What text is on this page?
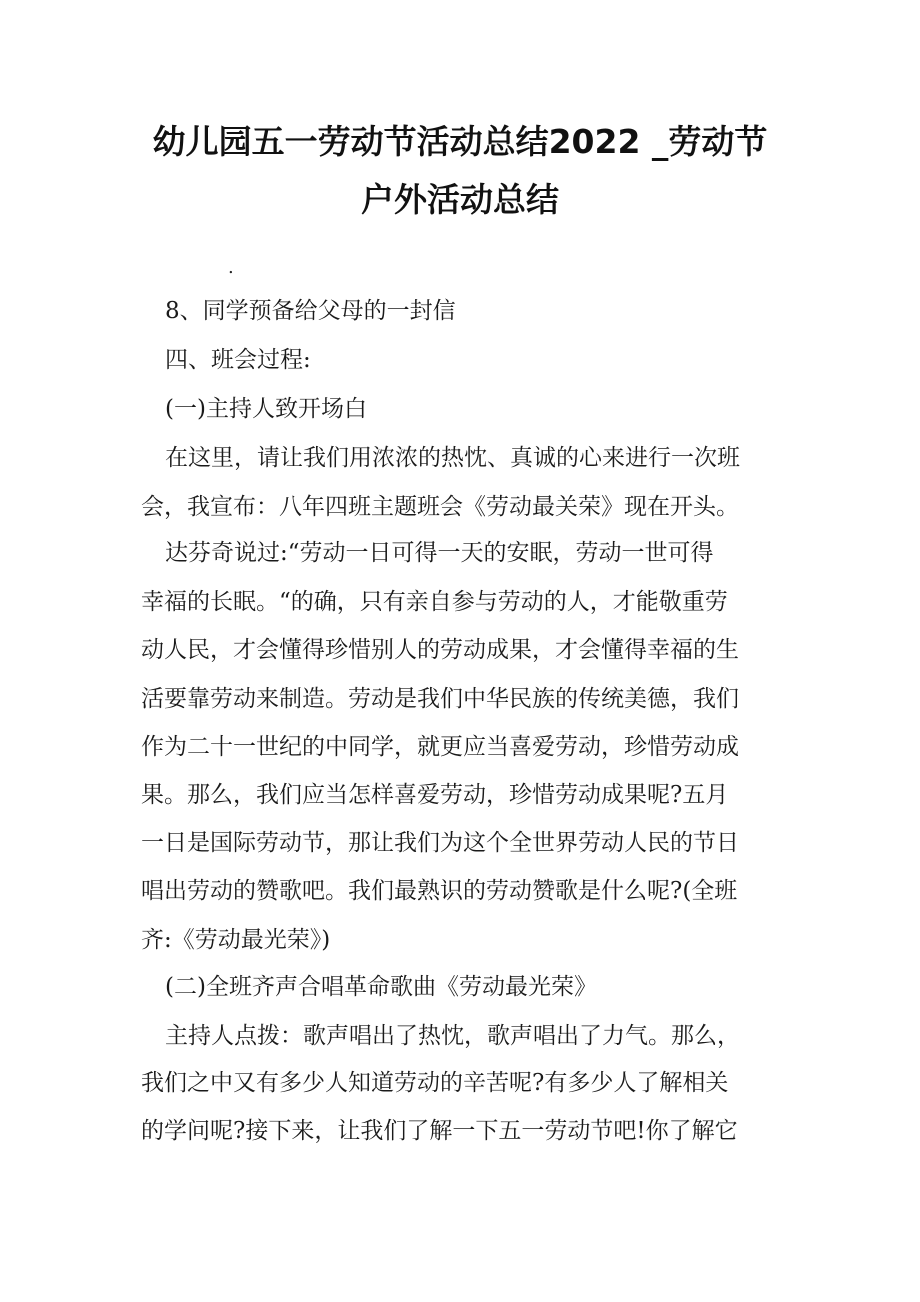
幼儿园五一劳动节活动总结2022 _劳动节
户外活动总结
.
8、同学预备给父母的一封信
四、班会过程:
(一)主持人致开场白
在这里，请让我们用浓浓的热忱、真诚的心来进行一次班
会，我宣布：八年四班主题班会《劳动最关荣》现在开头。
达芬奇说过:“劳动一日可得一天的安眠，劳动一世可得
幸福的长眠。“的确，只有亲自参与劳动的人，才能敬重劳
动人民，才会懂得珍惜别人的劳动成果，才会懂得幸福的生
活要靠劳动来制造。劳动是我们中华民族的传统美德，我们
作为二十一世纪的中同学，就更应当喜爱劳动，珍惜劳动成
果。那么，我们应当怎样喜爱劳动，珍惜劳动成果呢?五月
一日是国际劳动节，那让我们为这个全世界劳动人民的节日
唱出劳动的赞歌吧。我们最熟识的劳动赞歌是什么呢?(全班
齐:《劳动最光荣》)
(二)全班齐声合唱革命歌曲《劳动最光荣》
主持人点拨：歌声唱出了热忱，歌声唱出了力气。那么，
我们之中又有多少人知道劳动的辛苦呢?有多少人了解相关
的学问呢?接下来，让我们了解一下五一劳动节吧!你了解它
